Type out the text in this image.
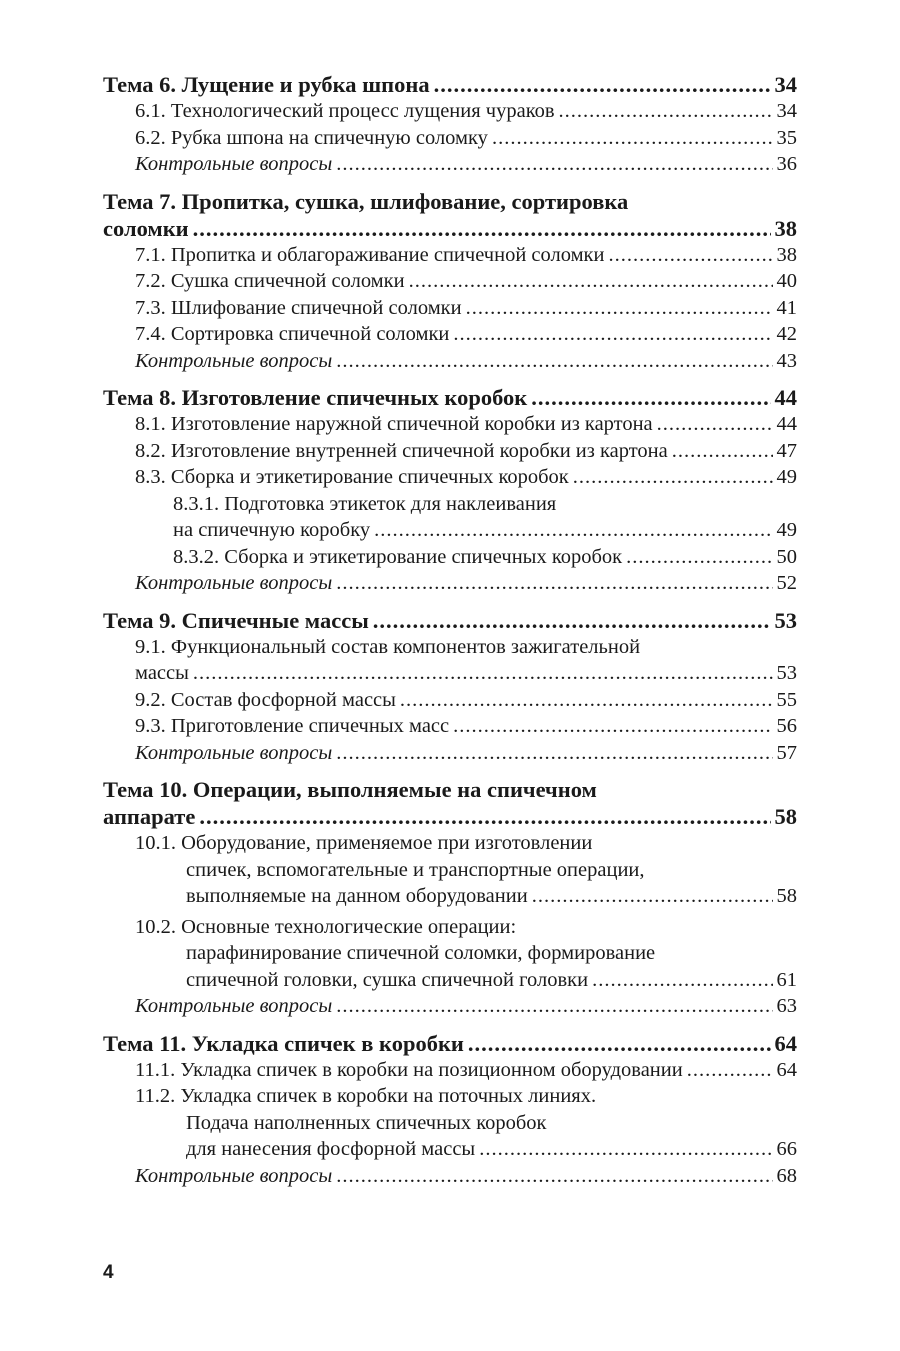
Тема 6. Лущение и рубка шпона .....	34
6.1. Технологический процесс лущения чураков .....	34
6.2. Рубка шпона на спичечную соломку .....	35
Контрольные вопросы .....	36
Тема 7. Пропитка, сушка, шлифование, сортировка
соломки .....	38
7.1. Пропитка и облагораживание спичечной соломки .....	38
7.2. Сушка спичечной соломки .....	40
7.3. Шлифование спичечной соломки .....	41
7.4. Сортировка спичечной соломки .....	42
Контрольные вопросы .....	43
Тема 8. Изготовление спичечных коробок .....	44
8.1. Изготовление наружной спичечной коробки из картона .....	44
8.2. Изготовление внутренней спичечной коробки из картона .....	47
8.3. Сборка и этикетирование спичечных коробок .....	49
8.3.1. Подготовка этикеток для наклеивания
на спичечную коробку .....	49
8.3.2. Сборка и этикетирование спичечных коробок .....	50
Контрольные вопросы .....	52
Тема 9. Спичечные массы .....	53
9.1. Функциональный состав компонентов зажигательной
массы .....	53
9.2. Состав фосфорной массы .....	55
9.3. Приготовление спичечных масс .....	56
Контрольные вопросы .....	57
Тема 10. Операции, выполняемые на спичечном
аппарате .....	58
10.1. Оборудование, применяемое при изготовлении
спичек, вспомогательные и транспортные операции,
выполняемые на данном оборудовании .....	58
10.2. Основные технологические операции:
парафинирование спичечной соломки, формирование
спичечной головки, сушка спичечной головки .....	61
Контрольные вопросы .....	63
Тема 11. Укладка спичек в коробки .....	64
11.1. Укладка спичек в коробки на позиционном оборудовании .....	64
11.2. Укладка спичек в коробки на поточных линиях.
Подача наполненных спичечных коробок
для нанесения фосфорной массы .....	66
Контрольные вопросы .....	68
4
